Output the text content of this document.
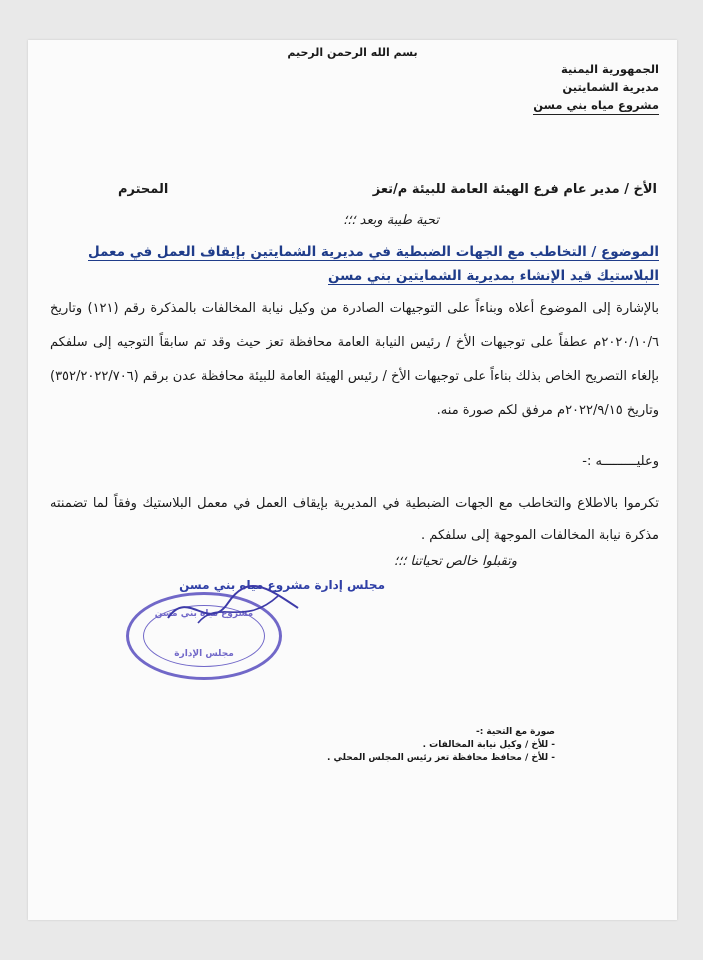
بسم الله الرحمن الرحيم
الجمهورية اليمنية
مديرية الشمايتين
مشروع مياه بني مسن
الأخ / مدير عام فرع الهيئة العامة للبيئة م/تعز
المحترم
تحية طيبة وبعد ؛؛؛
الموضوع / التخاطب مع الجهات الضبطية في مديرية الشمايتين بإيقاف العمل في معمل البلاستيك قيد الإنشاء بمديرية الشمايتين بني مسن

بالإشارة إلى الموضوع أعلاه وبناءاً على التوجيهات الصادرة من وكيل نيابة المخالفات بالمذكرة رقم (١٢١) وتاريخ ٢٠٢٠/١٠/٦م عطفاً على توجيهات الأخ / رئيس النيابة العامة محافظة تعز حيث وقد تم سابقاً التوجيه إلى سلفكم بإلغاء التصريح الخاص بذلك بناءاً على توجيهات الأخ / رئيس الهيئة العامة للبيئة محافظة عدن برقم (٣٥٢/٢٠٢٢/٧٠٦) وتاريخ ٢٠٢٢/٩/١٥م مرفق لكم صورة منه.

وعليـــــــــه :-
تكرموا بالاطلاع والتخاطب مع الجهات الضبطية في المديرية بإيقاف العمل في معمل البلاستيك وفقاً لما تضمنته مذكرة نيابة المخالفات الموجهة إلى سلفكم .
وتقبلوا خالص تحياتنا ؛؛؛
مجلس إدارة مشروع مياه بني مسن
مشروع مياه بني مسن
مجلس الإدارة
صورة مع التحية :-
- للأخ / وكيل نيابة المخالفات .
- للأخ / محافظ محافظة تعز رئيس المجلس المحلي .
